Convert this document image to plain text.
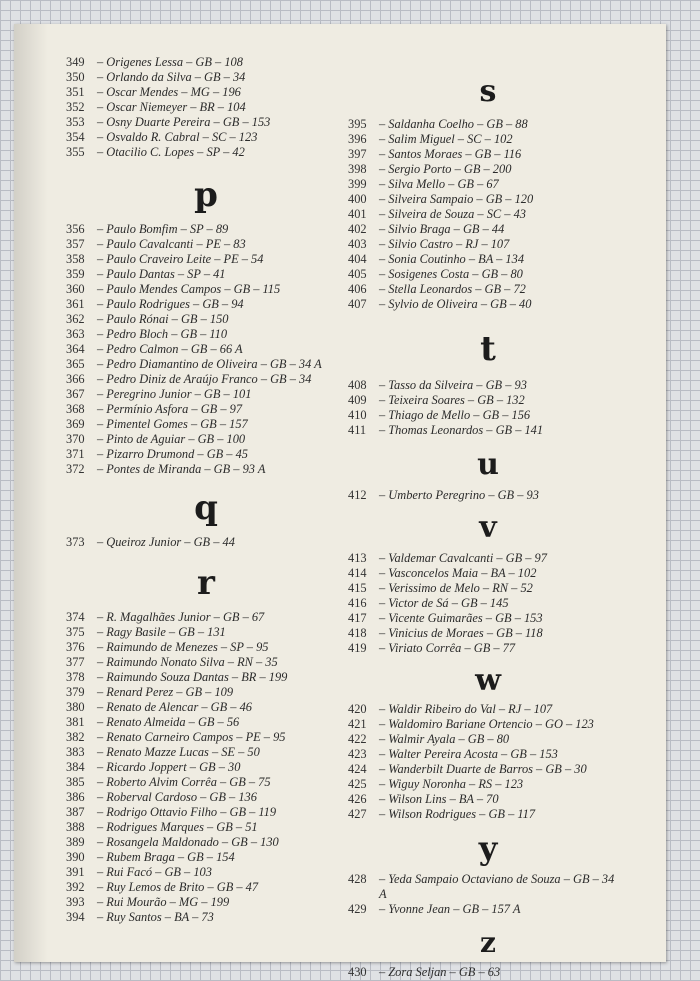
349 – Origenes Lessa – GB – 108
350 – Orlando da Silva – GB – 34
351 – Oscar Mendes – MG – 196
352 – Oscar Niemeyer – BR – 104
353 – Osny Duarte Pereira – GB – 153
354 – Osvaldo R. Cabral – SC – 123
355 – Otacilio C. Lopes – SP – 42
p
356 – Paulo Bomfim – SP – 89
357 – Paulo Cavalcanti – PE – 83
358 – Paulo Craveiro Leite – PE – 54
359 – Paulo Dantas – SP – 41
360 – Paulo Mendes Campos – GB – 115
361 – Paulo Rodrigues – GB – 94
362 – Paulo Rónai – GB – 150
363 – Pedro Bloch – GB – 110
364 – Pedro Calmon – GB – 66 A
365 – Pedro Diamantino de Oliveira – GB – 34 A
366 – Pedro Diniz de Araújo Franco – GB – 34
367 – Peregrino Junior – GB – 101
368 – Permínio Asfora – GB – 97
369 – Pimentel Gomes – GB – 157
370 – Pinto de Aguiar – GB – 100
371 – Pizarro Drumond – GB – 45
372 – Pontes de Miranda – GB – 93 A
q
373 – Queiroz Junior – GB – 44
r
374 – R. Magalhães Junior – GB – 67
375 – Ragy Basile – GB – 131
376 – Raimundo de Menezes – SP – 95
377 – Raimundo Nonato Silva – RN – 35
378 – Raimundo Souza Dantas – BR – 199
379 – Renard Perez – GB – 109
380 – Renato de Alencar – GB – 46
381 – Renato Almeida – GB – 56
382 – Renato Carneiro Campos – PE – 95
383 – Renato Mazze Lucas – SE – 50
384 – Ricardo Joppert – GB – 30
385 – Roberto Alvim Corrêa – GB – 75
386 – Roberval Cardoso – GB – 136
387 – Rodrigo Ottavio Filho – GB – 119
388 – Rodrigues Marques – GB – 51
389 – Rosangela Maldonado – GB – 130
390 – Rubem Braga – GB – 154
391 – Rui Facó – GB – 103
392 – Ruy Lemos de Brito – GB – 47
393 – Rui Mourão – MG – 199
394 – Ruy Santos – BA – 73
s
395 – Saldanha Coelho – GB – 88
396 – Salim Miguel – SC – 102
397 – Santos Moraes – GB – 116
398 – Sergio Porto – GB – 200
399 – Silva Mello – GB – 67
400 – Silveira Sampaio – GB – 120
401 – Silveira de Souza – SC – 43
402 – Silvio Braga – GB – 44
403 – Silvio Castro – RJ – 107
404 – Sonia Coutinho – BA – 134
405 – Sosigenes Costa – GB – 80
406 – Stella Leonardos – GB – 72
407 – Sylvio de Oliveira – GB – 40
t
408 – Tasso da Silveira – GB – 93
409 – Teixeira Soares – GB – 132
410 – Thiago de Mello – GB – 156
411 – Thomas Leonardos – GB – 141
u
412 – Umberto Peregrino – GB – 93
v
413 – Valdemar Cavalcanti – GB – 97
414 – Vasconcelos Maia – BA – 102
415 – Verissimo de Melo – RN – 52
416 – Victor de Sá – GB – 145
417 – Vicente Guimarães – GB – 153
418 – Vinicius de Moraes – GB – 118
419 – Viriato Corrêa – GB – 77
w
420 – Waldir Ribeiro do Val – RJ – 107
421 – Waldomiro Bariane Ortencio – GO – 123
422 – Walmir Ayala – GB – 80
423 – Walter Pereira Acosta – GB – 153
424 – Wanderbilt Duarte de Barros – GB – 30
425 – Wiguy Noronha – RS – 123
426 – Wilson Lins – BA – 70
427 – Wilson Rodrigues – GB – 117
y
428 – Yeda Sampaio Octaviano de Souza – GB – 34 A
429 – Yvonne Jean – GB – 157 A
z
430 – Zora Seljan – GB – 63
